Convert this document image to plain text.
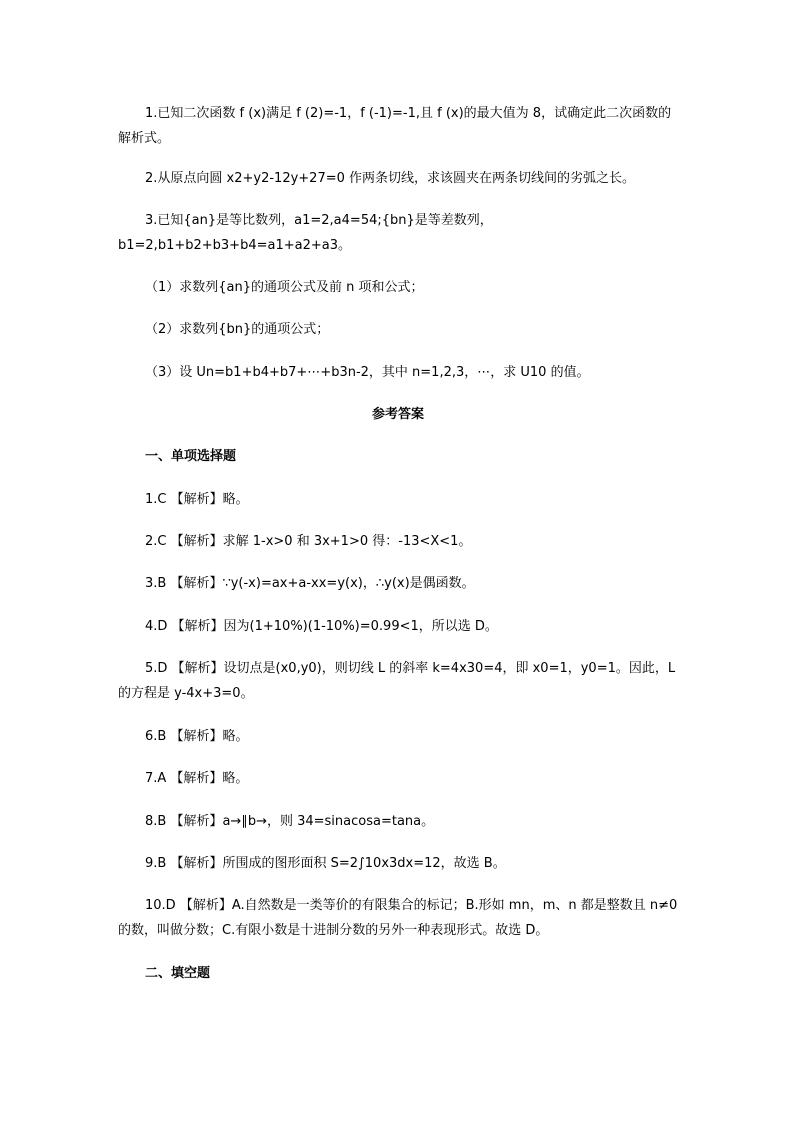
1.已知二次函数 f (x)满足 f (2)=-1，f (-1)=-1,且 f (x)的最大值为 8，试确定此二次函数的解析式。
2.从原点向圆 x2+y2-12y+27=0 作两条切线，求该圆夹在两条切线间的劣弧之长。
3.已知{an}是等比数列，a1=2,a4=54;{bn}是等差数列，
b1=2,b1+b2+b3+b4=a1+a2+a3。
（1）求数列{an}的通项公式及前 n 项和公式；
（2）求数列{bn}的通项公式；
（3）设 Un=b1+b4+b7+⋯+b3n-2，其中 n=1,2,3，⋯，求 U10 的值。
参考答案
一、单项选择题
1.C 【解析】略。
2.C 【解析】求解 1-x>0 和 3x+1>0 得：-13<X<1。
3.B 【解析】∵y(-x)=ax+a-xx=y(x)，∴y(x)是偶函数。
4.D 【解析】因为(1+10%)(1-10%)=0.99<1，所以选 D。
5.D 【解析】设切点是(x0,y0)，则切线 L 的斜率 k=4x30=4，即 x0=1，y0=1。因此，L 的方程是 y-4x+3=0。
6.B 【解析】略。
7.A 【解析】略。
8.B 【解析】a→∥b→，则 34=sinacosa=tana。
9.B 【解析】所围成的图形面积 S=2∫10x3dx=12，故选 B。
10.D 【解析】A.自然数是一类等价的有限集合的标记；B.形如 mn，m、n 都是整数且 n≠0 的数，叫做分数；C.有限小数是十进制分数的另外一种表现形式。故选 D。
二、填空题
